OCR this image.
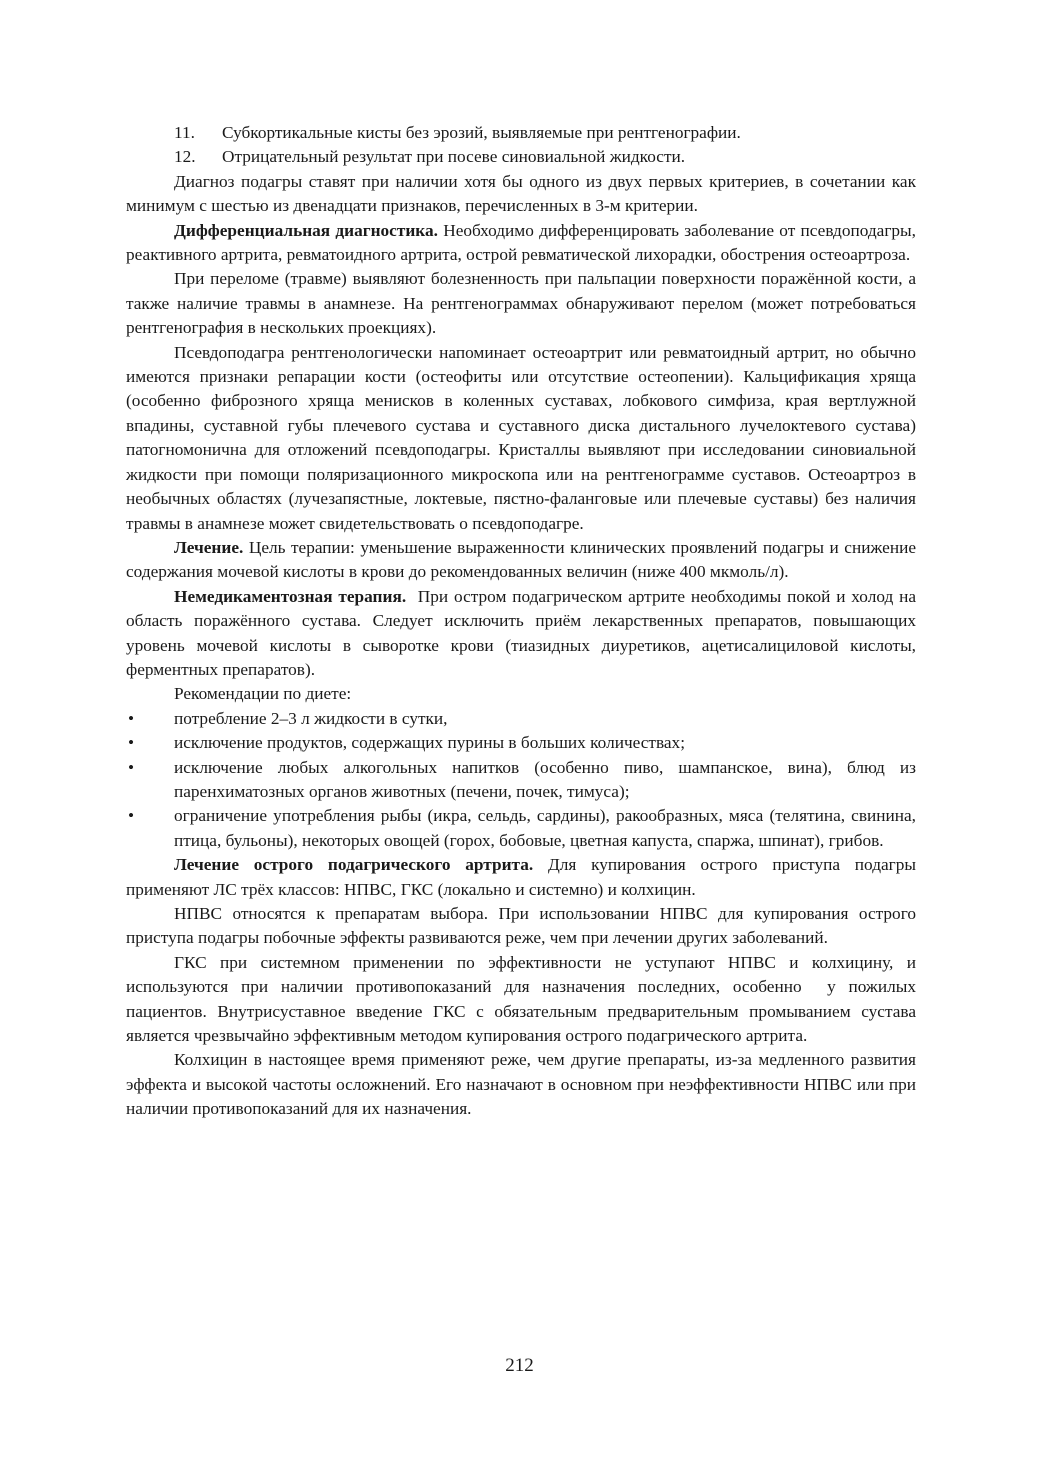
11. Субкортикальные кисты без эрозий, выявляемые при рентгенографии.

12. Отрицательный результат при посеве синовиальной жидкости.

Диагноз подагры ставят при наличии хотя бы одного из двух первых критериев, в сочетании как минимум с шестью из двенадцати признаков, перечисленных в 3-м критерии.

Дифференциальная диагностика. Необходимо дифференцировать заболевание от псевдоподагры, реактивного артрита, ревматоидного артрита, острой ревматической лихорадки, обострения остеоартроза.

При переломе (травме) выявляют болезненность при пальпации поверхности поражённой кости, а также наличие травмы в анамнезе. На рентгенограммах обнаруживают перелом (может потребоваться рентгенография в нескольких проекциях).

Псевдоподагра рентгенологически напоминает остеоартрит или ревматоидный артрит, но обычно имеются признаки репарации кости (остеофиты или отсутствие остеопении). Кальцификация хряща (особенно фиброзного хряща менисков в коленных суставах, лобкового симфиза, края вертлужной впадины, суставной губы плечевого сустава и суставного диска дистального лучелоктевого сустава) патогномонична для отложений псевдоподагры. Кристаллы выявляют при исследовании синовиальной жидкости при помощи поляризационного микроскопа или на рентгенограмме суставов. Остеоартроз в необычных областях (лучезапястные, локтевые, пястно-фаланговые или плечевые суставы) без наличия травмы в анамнезе может свидетельствовать о псевдоподагре.

Лечение. Цель терапии: уменьшение выраженности клинических проявлений подагры и снижение содержания мочевой кислоты в крови до рекомендованных величин (ниже 400 мкмоль/л).

Немедикаментозная терапия.  При остром подагрическом артрите необходимы покой и холод на область поражённого сустава. Следует исключить приём лекарственных препаратов, повышающих уровень мочевой кислоты в сыворотке крови (тиазидных диуретиков, ацетисалициловой кислоты, ферментных препаратов).

Рекомендации по диете:

• потребление 2–3 л жидкости в сутки,
• исключение продуктов, содержащих пурины в больших количествах;
• исключение любых алкогольных напитков (особенно пиво, шампанское, вина), блюд из паренхиматозных органов животных (печени, почек, тимуса);
• ограничение употребления рыбы (икра, сельдь, сардины), ракообразных, мяса (телятина, свинина, птица, бульоны), некоторых овощей (горох, бобовые, цветная капуста, спаржа, шпинат), грибов.

Лечение острого подагрического артрита. Для купирования острого приступа подагры применяют ЛС трёх классов: НПВС, ГКС (локально и системно) и колхицин.

НПВС относятся к препаратам выбора. При использовании НПВС для купирования острого приступа подагры побочные эффекты развиваются реже, чем при лечении других заболеваний.

ГКС при системном применении по эффективности не уступают НПВС и колхицину, и используются при наличии противопоказаний для назначения последних, особенно  у пожилых пациентов. Внутрисуставное введение ГКС с обязательным предварительным промыванием сустава является чрезвычайно эффективным методом купирования острого подагрического артрита.

Колхицин в настоящее время применяют реже, чем другие препараты, из-за медленного развития эффекта и высокой частоты осложнений. Его назначают в основном при неэффективности НПВС или при наличии противопоказаний для их назначения.

212
